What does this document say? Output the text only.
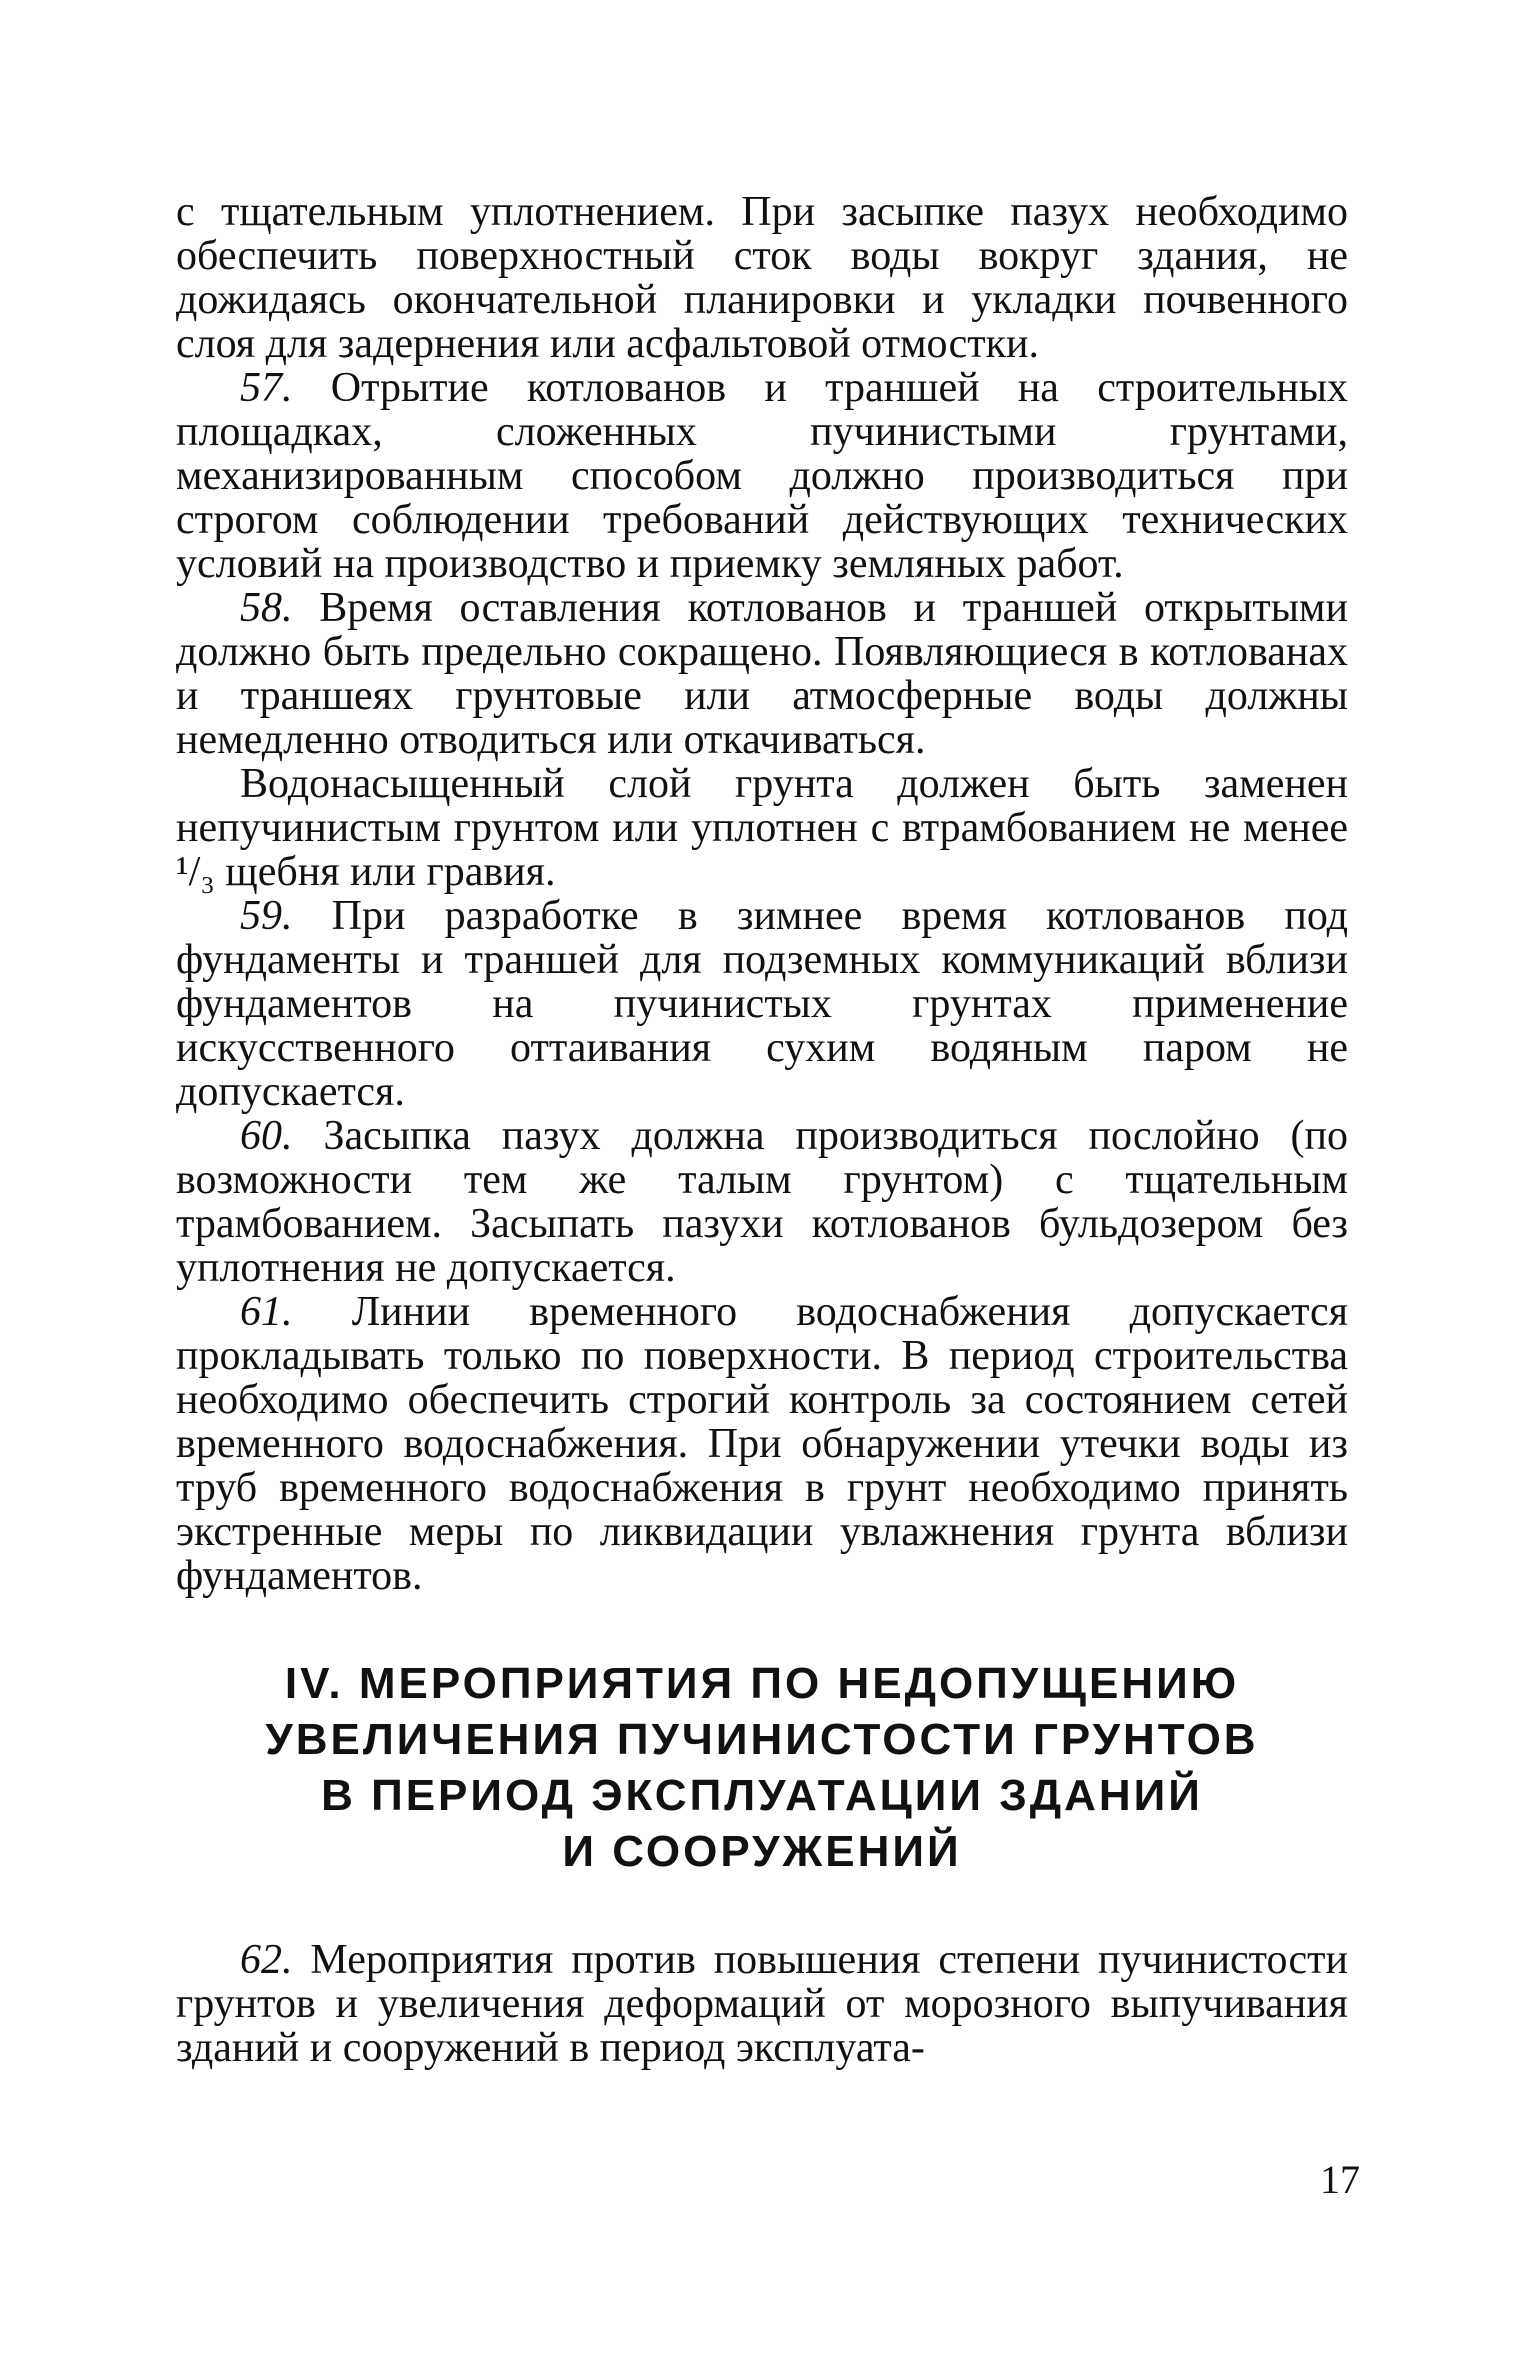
с тщательным уплотнением. При засыпке пазух необходимо обеспечить поверхностный сток воды вокруг здания, не дожидаясь окончательной планировки и укладки почвенного слоя для задернения или асфальтовой отмостки.

57. Отрытие котлованов и траншей на строительных площадках, сложенных пучинистыми грунтами, механизированным способом должно производиться при строгом соблюдении требований действующих технических условий на производство и приемку земляных работ.

58. Время оставления котлованов и траншей открытыми должно быть предельно сокращено. Появляющиеся в котлованах и траншеях грунтовые или атмосферные воды должны немедленно отводиться или откачиваться.

Водонасыщенный слой грунта должен быть заменен непучинистым грунтом или уплотнен с втрамбованием не менее ¹/₃ щебня или гравия.

59. При разработке в зимнее время котлованов под фундаменты и траншей для подземных коммуникаций вблизи фундаментов на пучинистых грунтах применение искусственного оттаивания сухим водяным паром не допускается.

60. Засыпка пазух должна производиться послойно (по возможности тем же талым грунтом) с тщательным трамбованием. Засыпать пазухи котлованов бульдозером без уплотнения не допускается.

61. Линии временного водоснабжения допускается прокладывать только по поверхности. В период строительства необходимо обеспечить строгий контроль за состоянием сетей временного водоснабжения. При обнаружении утечки воды из труб временного водоснабжения в грунт необходимо принять экстренные меры по ликвидации увлажнения грунта вблизи фундаментов.

IV. МЕРОПРИЯТИЯ ПО НЕДОПУЩЕНИЮ
УВЕЛИЧЕНИЯ ПУЧИНИСТОСТИ ГРУНТОВ
В ПЕРИОД ЭКСПЛУАТАЦИИ ЗДАНИЙ
И СООРУЖЕНИЙ

62. Мероприятия против повышения степени пучинистости грунтов и увеличения деформаций от морозного выпучивания зданий и сооружений в период эксплуата-

17
